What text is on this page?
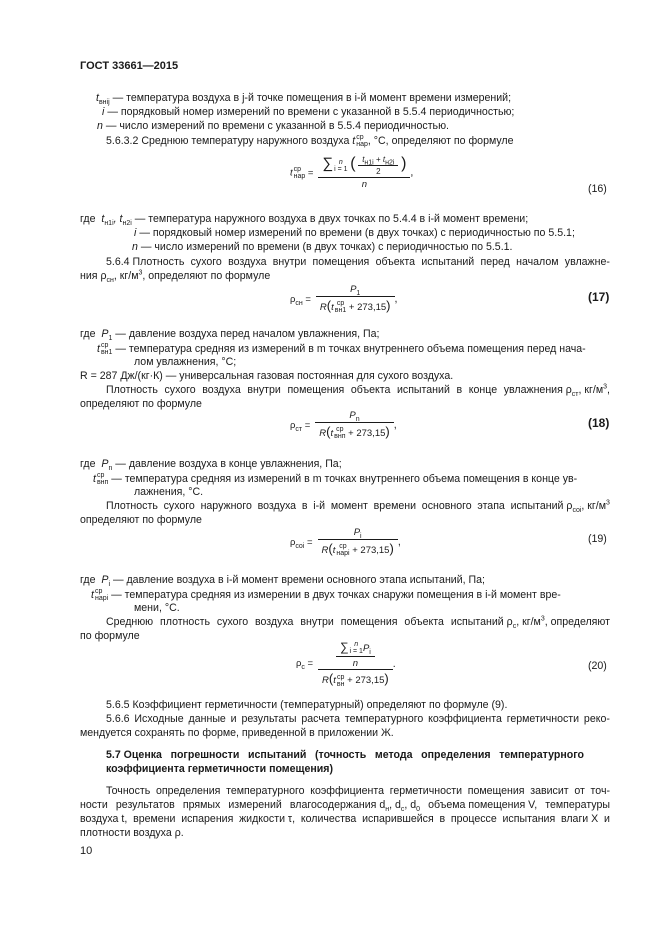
ГОСТ 33661—2015
$t_{внij}$ — температура воздуха в j-й точке помещения в i-й момент времени измерений;
i — порядковый номер измерений по времени с указанной в 5.5.4 периодичностью;
n — число измерений по времени с указанной в 5.5.4 периодичностью.
5.6.3.2 Среднюю температуру наружного воздуха t ср
нар , °С, определяют по формуле
t ср
нар =
∑ n
i = 1 ( $\frac{t_{н1i} + t_{н2i}}{2}$ )
n
,
(16)
где $t_{н1i}$, $t_{н2i}$ — температура наружного воздуха в двух точках по 5.4.4 в i-й момент времени;
i — порядковый номер измерений по времени (в двух точках) с периодичностью по 5.5.1;
n — число измерений по времени (в двух точках) с периодичностью по 5.5.1.
5.6.4 Плотность сухого воздуха внутри помещения объекта испытаний перед началом увлажне-
ния $\rho_{сн}$, $кг/м^3$, определяют по формуле
$\rho_{сн} = P_1$
R(t ср
вн1 + 273,15) ,	(17)
где $P_1$ — давление воздуха перед началом увлажнения, Па;
t ср
вн1 — температура средняя из измерений в m точках внутреннего объема помещения перед нача-
лом увлажнения, °С;
R = 287 Дж/(кг·К) — универсальная газовая постоянная для сухого воздуха.
Плотность сухого воздуха внутри помещения объекта испытаний в конце увлажнения $\rho_{ст}$, $кг/м^3$,
определяют по формуле
$\rho_{ст} = P_n$
R(t ср
внп + 273,15) ,	(18)
где $P_n$ — давление воздуха в конце увлажнения, Па;
t ср
внп — температура средняя из измерений в m точках внутреннего объема помещения в конце ув-
лажнения, °С.
Плотность сухого наружного воздуха в i-й момент времени основного этапа испытаний $\rho_{coi}$, $кг/м^3$
определяют по формуле
$\rho_{coi} = P_i$
R(t ср
нарi + 273,15) ,	(19)
где $P_i$ — давление воздуха в i-й момент времени основного этапа испытаний, Па;
t ср
нарi — температура средняя из измерении в двух точках снаружи помещения в i-й момент вре-
мени, °С.
Среднюю плотность сухого воздуха внутри помещения объекта испытаний $\rho_с$, $кг/м^3$, определяют
по формуле
$\rho_с$ = ∑ n
i = 1 $P_i$
n
R(t ср
вн + 273,15) .	(20)
5.6.5 Коэффициент герметичности (температурный) определяют по формуле (9).
5.6.6 Исходные данные и результаты расчета температурного коэффициента герметичности реко-
мендуется сохранять по форме, приведенной в приложении Ж.
5.7 Оценка погрешности испытаний (точность метода определения температурного
коэффициента герметичности помещения)
Точность определения температурного коэффициента герметичности помещения зависит от точ-
ности результатов прямых измерений влагосодержания $d_н$, $d_с$, $d_0$ объема помещения V, температуры
воздуха t, времени испарения жидкости τ, количества испарившейся в процессе испытания влаги X и
плотности воздуха ρ.
10
